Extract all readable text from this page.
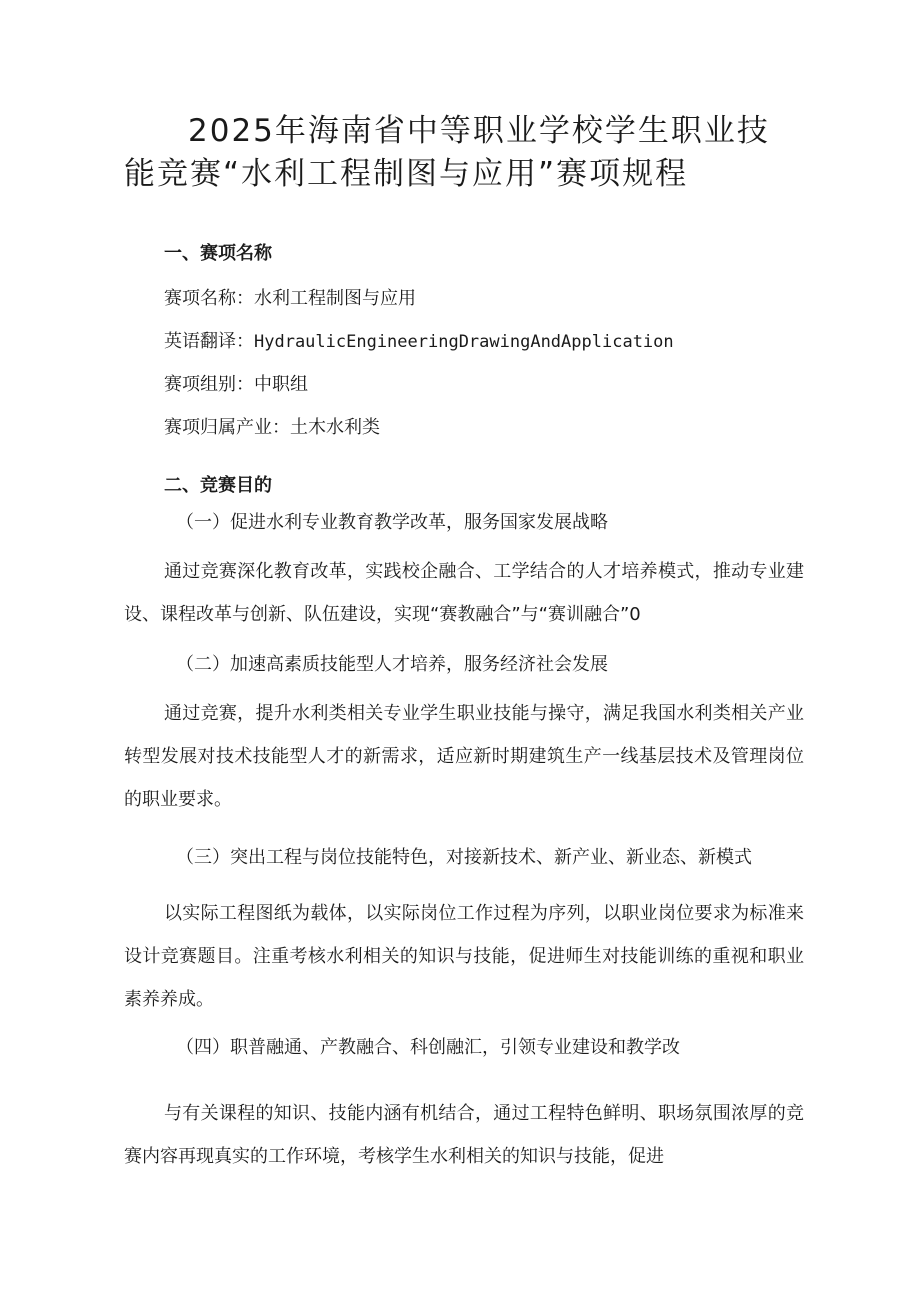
2025年海南省中等职业学校学生职业技
能竞赛“水利工程制图与应用”赛项规程

一、赛项名称

赛项名称：水利工程制图与应用

英语翻译：HydraulicEngineeringDrawingAndApplication

赛项组别：中职组

赛项归属产业：土木水利类

二、竞赛目的

（一）促进水利专业教育教学改革，服务国家发展战略

通过竞赛深化教育改革，实践校企融合、工学结合的人才培养模式，推动专业建设、课程改革与创新、队伍建设，实现“赛教融合”与“赛训融合”0

（二）加速高素质技能型人才培养，服务经济社会发展

通过竞赛，提升水利类相关专业学生职业技能与操守，满足我国水利类相关产业转型发展对技术技能型人才的新需求，适应新时期建筑生产一线基层技术及管理岗位的职业要求。

（三）突出工程与岗位技能特色，对接新技术、新产业、新业态、新模式

以实际工程图纸为载体，以实际岗位工作过程为序列，以职业岗位要求为标准来设计竞赛题目。注重考核水利相关的知识与技能，促进师生对技能训练的重视和职业素养养成。

（四）职普融通、产教融合、科创融汇，引领专业建设和教学改

与有关课程的知识、技能内涵有机结合，通过工程特色鲜明、职场氛围浓厚的竞赛内容再现真实的工作环境，考核学生水利相关的知识与技能，促进
